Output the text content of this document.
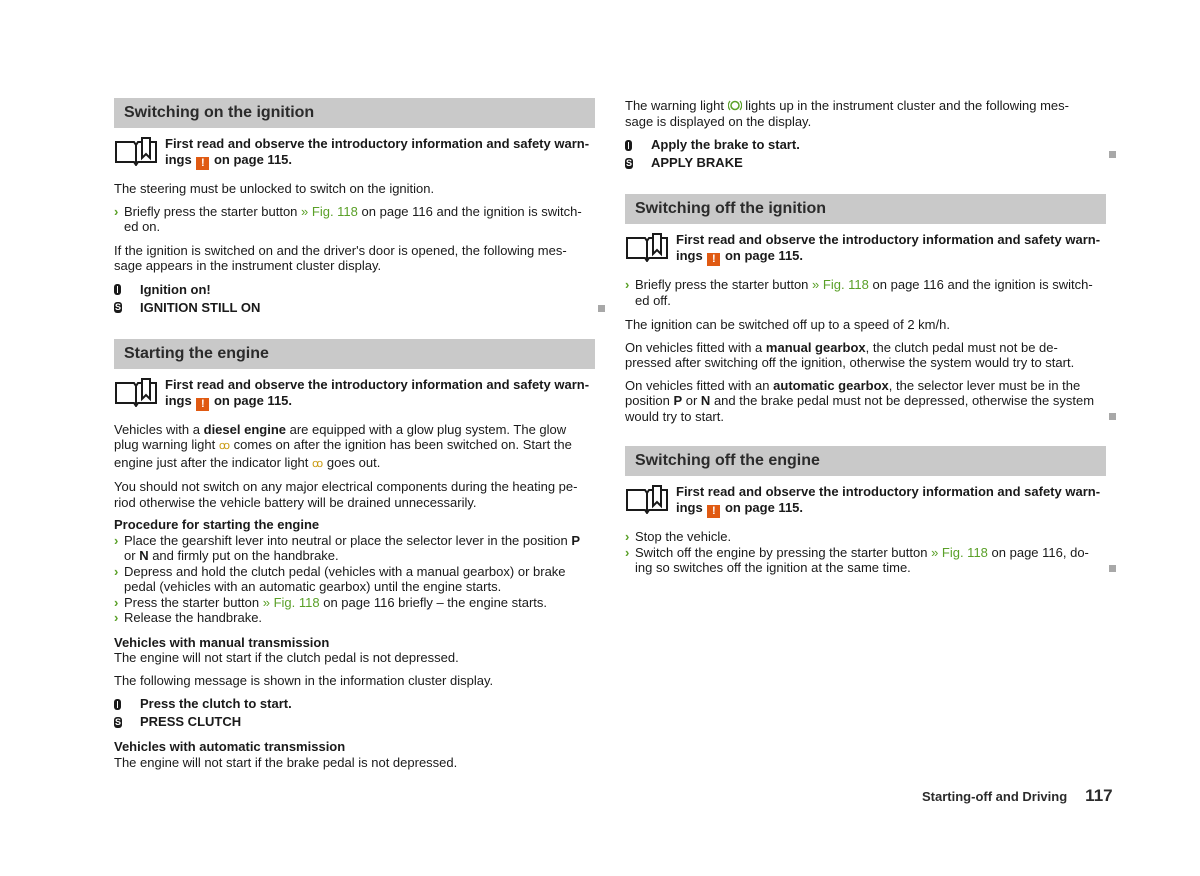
Switching on the ignition
First read and observe the introductory information and safety warn-
ings ! on page 115.

The steering must be unlocked to switch on the ignition.

› Briefly press the starter button » Fig. 118 on page 116 and the ignition is switch-
ed on.

If the ignition is switched on and the driver's door is opened, the following mes-
sage appears in the instrument cluster display.

Ignition on!
S IGNITION STILL ON
Starting the engine
First read and observe the introductory information and safety warn-
ings ! on page 115.

Vehicles with a diesel engine are equipped with a glow plug system. The glow
plug warning light ꝏ comes on after the ignition has been switched on. Start the
engine just after the indicator light ꝏ goes out.

You should not switch on any major electrical components during the heating pe-
riod otherwise the vehicle battery will be drained unnecessarily.

Procedure for starting the engine
› Place the gearshift lever into neutral or place the selector lever in the position P
or N and firmly put on the handbrake.
› Depress and hold the clutch pedal (vehicles with a manual gearbox) or brake
pedal (vehicles with an automatic gearbox) until the engine starts.
› Press the starter button » Fig. 118 on page 116 briefly – the engine starts.
› Release the handbrake.
Vehicles with manual transmission

The engine will not start if the clutch pedal is not depressed.

The following message is shown in the information cluster display.

Press the clutch to start.
S PRESS CLUTCH
Vehicles with automatic transmission

The engine will not start if the brake pedal is not depressed.

The warning light lights up in the instrument cluster and the following mes-
sage is displayed on the display.

Apply the brake to start.
S APPLY BRAKE
Switching off the ignition
First read and observe the introductory information and safety warn-
ings ! on page 115.
› Briefly press the starter button » Fig. 118 on page 116 and the ignition is switch-
ed off.

The ignition can be switched off up to a speed of 2 km/h.

On vehicles fitted with a manual gearbox, the clutch pedal must not be de-
pressed after switching off the ignition, otherwise the system would try to start.

On vehicles fitted with an automatic gearbox, the selector lever must be in the
position P or N and the brake pedal must not be depressed, otherwise the system
would try to start.

Switching off the engine
First read and observe the introductory information and safety warn-
ings ! on page 115.
› Stop the vehicle.
› Switch off the engine by pressing the starter button » Fig. 118 on page 116, do-
ing so switches off the ignition at the same time.
Starting-off and Driving 117
